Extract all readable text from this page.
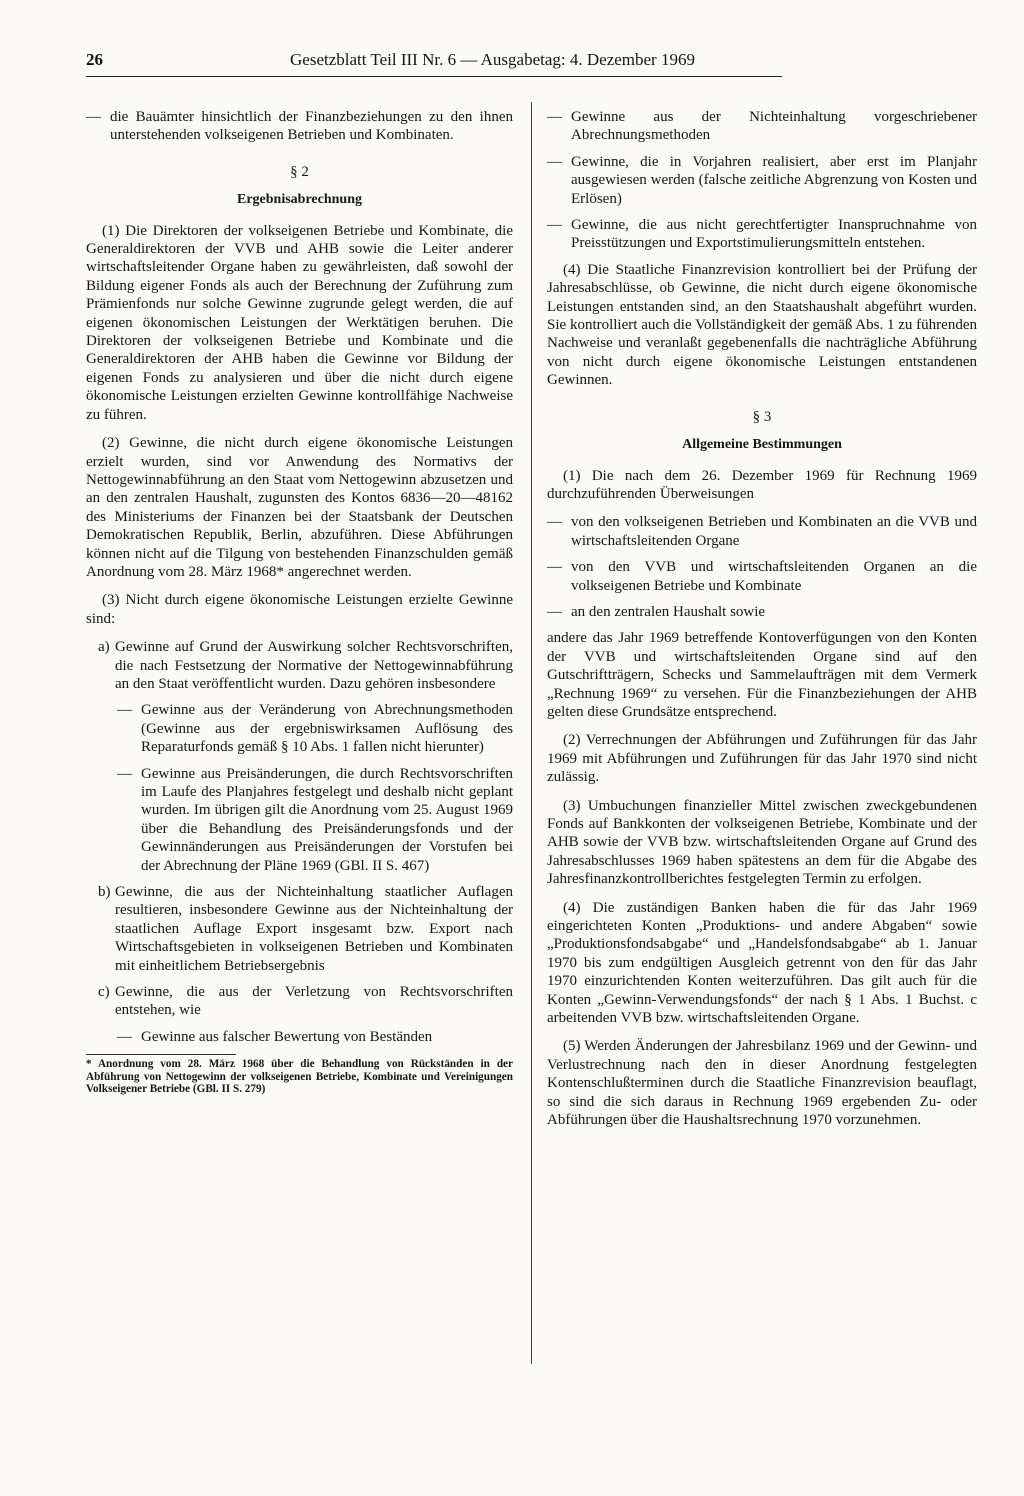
26	Gesetzblatt Teil III Nr. 6 — Ausgabetag: 4. Dezember 1969
— die Bauämter hinsichtlich der Finanzbeziehungen zu den ihnen unterstehenden volkseigenen Betrieben und Kombinaten.
§ 2
Ergebnisabrechnung

(1) Die Direktoren der volkseigenen Betriebe und Kombinate, die Generaldirektoren der VVB und AHB sowie die Leiter anderer wirtschaftsleitender Organe haben zu gewährleisten, daß sowohl der Bildung eigener Fonds als auch der Berechnung der Zuführung zum Prämienfonds nur solche Gewinne zugrunde gelegt werden, die auf eigenen ökonomischen Leistungen der Werktätigen beruhen. Die Direktoren der volkseigenen Betriebe und Kombinate und die Generaldirektoren der AHB haben die Gewinne vor Bildung der eigenen Fonds zu analysieren und über die nicht durch eigene ökonomische Leistungen erzielten Gewinne kontrollfähige Nachweise zu führen.

(2) Gewinne, die nicht durch eigene ökonomische Leistungen erzielt wurden, sind vor Anwendung des Normativs der Nettogewinnabführung an den Staat vom Nettogewinn abzusetzen und an den zentralen Haushalt, zugunsten des Kontos 6836—20—48162 des Ministeriums der Finanzen bei der Staatsbank der Deutschen Demokratischen Republik, Berlin, abzuführen. Diese Abführungen können nicht auf die Tilgung von bestehenden Finanzschulden gemäß Anordnung vom 28. März 1968* angerechnet werden.

(3) Nicht durch eigene ökonomische Leistungen erzielte Gewinne sind:

a) Gewinne auf Grund der Auswirkung solcher Rechtsvorschriften, die nach Festsetzung der Normative der Nettogewinnabführung an den Staat veröffentlicht wurden. Dazu gehören insbesondere
— Gewinne aus der Veränderung von Abrechnungsmethoden (Gewinne aus der ergebniswirksamen Auflösung des Reparaturfonds gemäß § 10 Abs. 1 fallen nicht hierunter)
— Gewinne aus Preisänderungen, die durch Rechtsvorschriften im Laufe des Planjahres festgelegt und deshalb nicht geplant wurden. Im übrigen gilt die Anordnung vom 25. August 1969 über die Behandlung des Preisänderungsfonds und der Gewinnänderungen aus Preisänderungen der Vorstufen bei der Abrechnung der Pläne 1969 (GBl. II S. 467)
b) Gewinne, die aus der Nichteinhaltung staatlicher Auflagen resultieren, insbesondere Gewinne aus der Nichteinhaltung der staatlichen Auflage Export insgesamt bzw. Export nach Wirtschaftsgebieten in volkseigenen Betrieben und Kombinaten mit einheitlichem Betriebsergebnis
c) Gewinne, die aus der Verletzung von Rechtsvorschriften entstehen, wie
— Gewinne aus falscher Bewertung von Beständen
* Anordnung vom 28. März 1968 über die Behandlung von Rückständen in der Abführung von Nettogewinn der volkseigenen Betriebe, Kombinate und Vereinigungen Volkseigener Betriebe (GBl. II S. 279)
— Gewinne aus der Nichteinhaltung vorgeschriebener Abrechnungsmethoden
— Gewinne, die in Vorjahren realisiert, aber erst im Planjahr ausgewiesen werden (falsche zeitliche Abgrenzung von Kosten und Erlösen)
— Gewinne, die aus nicht gerechtfertigter Inanspruchnahme von Preisstützungen und Exportstimulierungsmitteln entstehen.

(4) Die Staatliche Finanzrevision kontrolliert bei der Prüfung der Jahresabschlüsse, ob Gewinne, die nicht durch eigene ökonomische Leistungen entstanden sind, an den Staatshaushalt abgeführt wurden. Sie kontrolliert auch die Vollständigkeit der gemäß Abs. 1 zu führenden Nachweise und veranlaßt gegebenenfalls die nachträgliche Abführung von nicht durch eigene ökonomische Leistungen entstandenen Gewinnen.

§ 3
Allgemeine Bestimmungen

(1) Die nach dem 26. Dezember 1969 für Rechnung 1969 durchzuführenden Überweisungen

— von den volkseigenen Betrieben und Kombinaten an die VVB und wirtschaftsleitenden Organe
— von den VVB und wirtschaftsleitenden Organen an die volkseigenen Betriebe und Kombinate
— an den zentralen Haushalt sowie

andere das Jahr 1969 betreffende Kontoverfügungen von den Konten der VVB und wirtschaftsleitenden Organe sind auf den Gutschriftträgern, Schecks und Sammelaufträgen mit dem Vermerk „Rechnung 1969“ zu versehen. Für die Finanzbeziehungen der AHB gelten diese Grundsätze entsprechend.

(2) Verrechnungen der Abführungen und Zuführungen für das Jahr 1969 mit Abführungen und Zuführungen für das Jahr 1970 sind nicht zulässig.

(3) Umbuchungen finanzieller Mittel zwischen zweckgebundenen Fonds auf Bankkonten der volkseigenen Betriebe, Kombinate und der AHB sowie der VVB bzw. wirtschaftsleitenden Organe auf Grund des Jahresabschlusses 1969 haben spätestens an dem für die Abgabe des Jahresfinanzkontrollberichtes festgelegten Termin zu erfolgen.

(4) Die zuständigen Banken haben die für das Jahr 1969 eingerichteten Konten „Produktions- und andere Abgaben“ sowie „Produktionsfondsabgabe“ und „Handelsfondsabgabe“ ab 1. Januar 1970 bis zum endgültigen Ausgleich getrennt von den für das Jahr 1970 einzurichtenden Konten weiterzuführen. Das gilt auch für die Konten „Gewinn-Verwendungsfonds“ der nach § 1 Abs. 1 Buchst. c arbeitenden VVB bzw. wirtschaftsleitenden Organe.

(5) Werden Änderungen der Jahresbilanz 1969 und der Gewinn- und Verlustrechnung nach den in dieser Anordnung festgelegten Kontenschlußterminen durch die Staatliche Finanzrevision beauflagt, so sind die sich daraus in Rechnung 1969 ergebenden Zu- oder Abführungen über die Haushaltsrechnung 1970 vorzunehmen.
